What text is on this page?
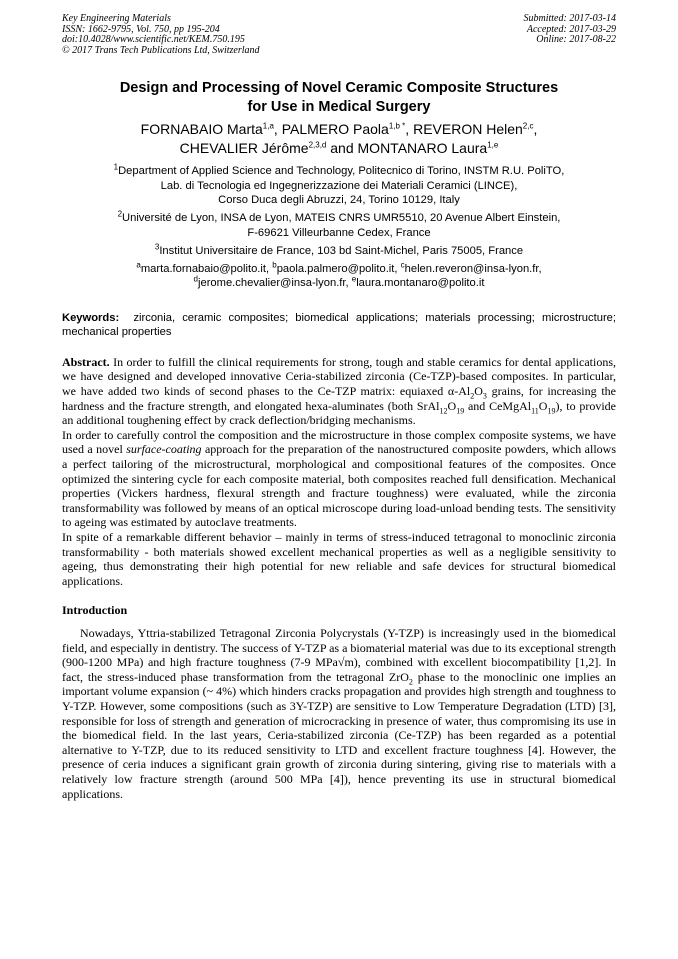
Key Engineering Materials
ISSN: 1662-9795, Vol. 750, pp 195-204
doi:10.4028/www.scientific.net/KEM.750.195
© 2017 Trans Tech Publications Ltd, Switzerland
Submitted: 2017-03-14
Accepted: 2017-03-29
Online: 2017-08-22
Design and Processing of Novel Ceramic Composite Structures
for Use in Medical Surgery
FORNABAIO Marta$^{1,a}$, PALMERO Paola$^{1,b *}$, REVERON Helen$^{2,c}$,
CHEVALIER Jérôme$^{2,3,d}$ and MONTANARO Laura$^{1,e}$
$^1$Department of Applied Science and Technology, Politecnico di Torino, INSTM R.U. PoliTO,
Lab. di Tecnologia ed Ingegnerizzazione dei Materiali Ceramici (LINCE),
Corso Duca degli Abruzzi, 24, Torino 10129, Italy
$^2$Université de Lyon, INSA de Lyon, MATEIS CNRS UMR5510, 20 Avenue Albert Einstein,
F-69621 Villeurbanne Cedex, France
$^3$Institut Universitaire de France, 103 bd Saint-Michel, Paris 75005, France
$^a$marta.fornabaio@polito.it, $^b$paola.palmero@polito.it, $^c$helen.reveron@insa-lyon.fr,
$^d$jerome.chevalier@insa-lyon.fr, $^e$laura.montanaro@polito.it
Keywords: zirconia, ceramic composites; biomedical applications; materials processing; microstructure; mechanical properties

Abstract. In order to fulfill the clinical requirements for strong, tough and stable ceramics for dental applications, we have designed and developed innovative Ceria-stabilized zirconia (Ce-TZP)-based composites. In particular, we have added two kinds of second phases to the Ce-TZP matrix: equiaxed $\alpha-Al_2O_3$ grains, for increasing the hardness and the fracture strength, and elongated hexa-aluminates (both $SrAl_{12}O_{19}$ and $CeMgAl_{11}O_{19}$), to provide an additional toughening effect by crack deflection/bridging mechanisms.

In order to carefully control the composition and the microstructure in those complex composite systems, we have used a novel surface-coating approach for the preparation of the nanostructured composite powders, which allows a perfect tailoring of the microstructural, morphological and compositional features of the composites. Once optimized the sintering cycle for each composite material, both composites reached full densification. Mechanical properties (Vickers hardness, flexural strength and fracture toughness) were evaluated, while the zirconia transformability was followed by means of an optical microscope during load-unload bending tests. The sensitivity to ageing was estimated by autoclave treatments.

In spite of a remarkable different behavior – mainly in terms of stress-induced tetragonal to monoclinic zirconia transformability - both materials showed excellent mechanical properties as well as a negligible sensitivity to ageing, thus demonstrating their high potential for new reliable and safe devices for structural biomedical applications.

Introduction
Nowadays, Yttria-stabilized Tetragonal Zirconia Polycrystals (Y-TZP) is increasingly used in the biomedical field, and especially in dentistry. The success of Y-TZP as a biomaterial material was due to its exceptional strength (900-1200 MPa) and high fracture toughness (7-9 MPa√m), combined with excellent biocompatibility [1,2]. In fact, the stress-induced phase transformation from the tetragonal ZrO$_2$ phase to the monoclinic one implies an important volume expansion (~ 4%) which hinders cracks propagation and provides high strength and toughness to Y-TZP. However, some compositions (such as 3Y-TZP) are sensitive to Low Temperature Degradation (LTD) [3], responsible for loss of strength and generation of microcracking in presence of water, thus compromising its use in the biomedical field. In the last years, Ceria-stabilized zirconia (Ce-TZP) has been regarded as a potential alternative to Y-TZP, due to its reduced sensitivity to LTD and excellent fracture toughness [4]. However, the presence of ceria induces a significant grain growth of zirconia during sintering, giving rise to materials with a relatively low fracture strength (around 500 MPa [4]), hence preventing its use in structural biomedical applications.
